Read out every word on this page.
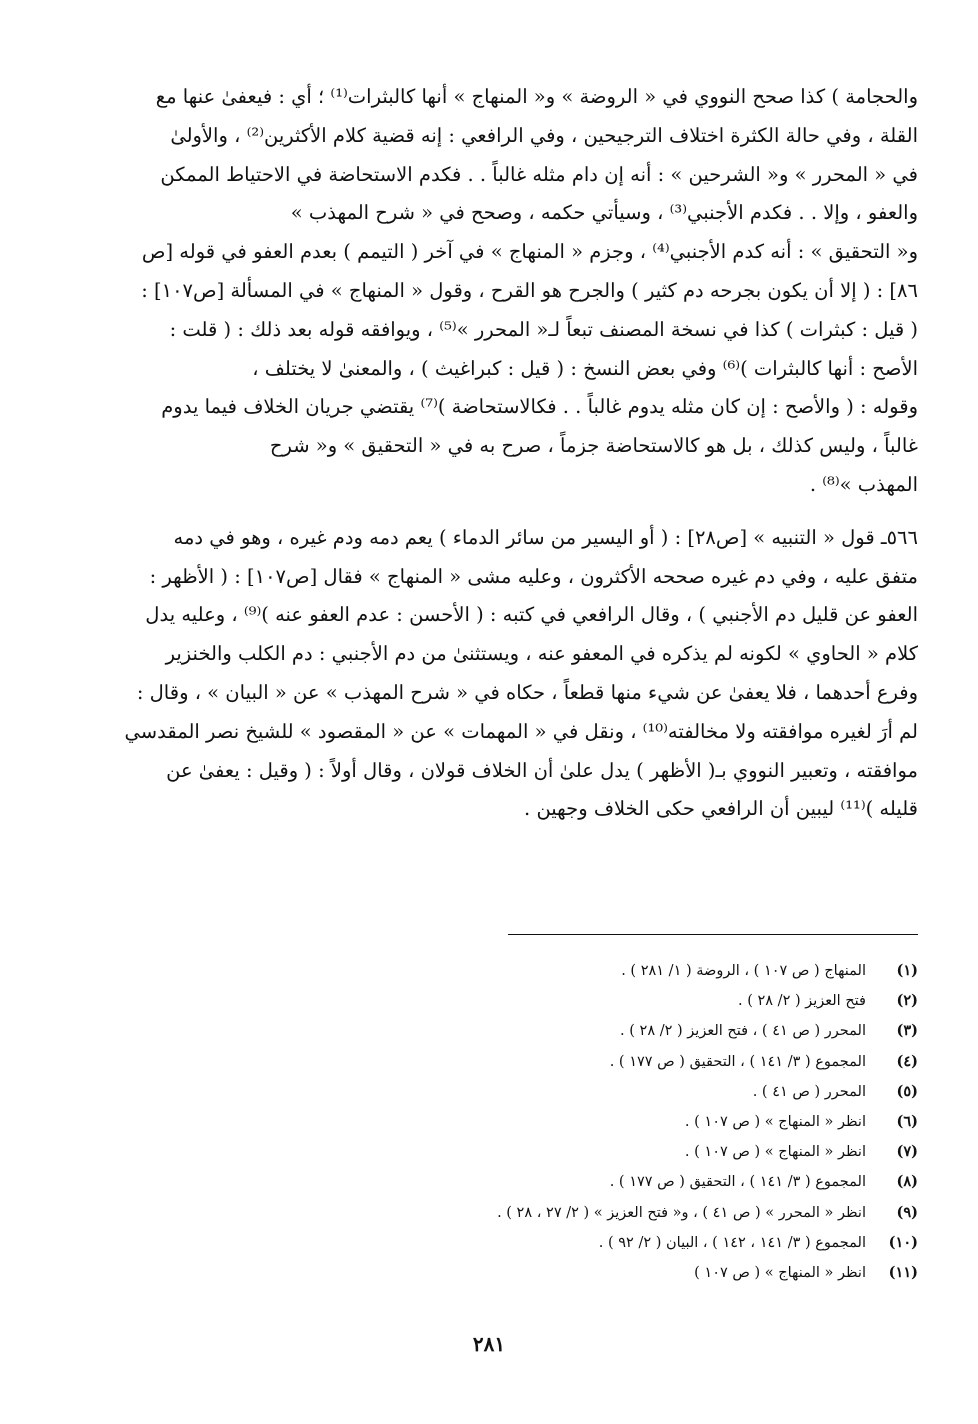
والحجامة ) كذا صحح النووي في « الروضة » و« المنهاج » أنها كالبثرات⁽¹⁾ ؛ أي : فيعفىٰ عنها مع
القلة ، وفي حالة الكثرة اختلاف الترجيحين ، وفي الرافعي : إنه قضية كلام الأكثرين⁽²⁾ ، والأولىٰ
في « المحرر » و« الشرحين » : أنه إن دام مثله غالباً . . فكدم الاستحاضة في الاحتياط الممكن
والعفو ، وإلا . . فكدم الأجنبي⁽³⁾ ، وسيأتي حكمه ، وصحح في « شرح المهذب »
و« التحقيق » : أنه كدم الأجنبي⁽⁴⁾ ، وجزم « المنهاج » في آخر ( التيمم ) بعدم العفو في قوله [ص
٨٦] : ( إلا أن يكون بجرحه دم كثير ) والجرح هو القرح ، وقول « المنهاج » في المسألة [ص١٠٧] :
( قيل : كبثرات ) كذا في نسخة المصنف تبعاً لـ« المحرر »⁽⁵⁾ ، ويوافقه قوله بعد ذلك : ( قلت :
الأصح : أنها كالبثرات )⁽⁶⁾ وفي بعض النسخ : ( قيل : كبراغيث ) ، والمعنىٰ لا يختلف ،
وقوله : ( والأصح : إن كان مثله يدوم غالباً . . فكالاستحاضة )⁽⁷⁾ يقتضي جريان الخلاف فيما يدوم
غالباً ، وليس كذلك ، بل هو كالاستحاضة جزماً ، صرح به في « التحقيق » و« شرح
المهذب »⁽⁸⁾ .

٥٦٦ـ قول « التنبيه » [ص٢٨] : ( أو اليسير من سائر الدماء ) يعم دمه ودم غيره ، وهو في دمه
متفق عليه ، وفي دم غيره صححه الأكثرون ، وعليه مشى « المنهاج » فقال [ص١٠٧] : ( الأظهر :
العفو عن قليل دم الأجنبي ) ، وقال الرافعي في كتبه : ( الأحسن : عدم العفو عنه )⁽⁹⁾ ، وعليه يدل
كلام « الحاوي » لكونه لم يذكره في المعفو عنه ، ويستثنىٰ من دم الأجنبي : دم الكلب والخنزير
وفرع أحدهما ، فلا يعفىٰ عن شيء منها قطعاً ، حكاه في « شرح المهذب » عن « البيان » ، وقال :
لم أرَ لغيره موافقته ولا مخالفته⁽¹⁰⁾ ، ونقل في « المهمات » عن « المقصود » للشيخ نصر المقدسي
موافقته ، وتعبير النووي بـ( الأظهر ) يدل علىٰ أن الخلاف قولان ، وقال أولاً : ( وقيل : يعفىٰ عن
قليله )⁽¹¹⁾ ليبين أن الرافعي حكى الخلاف وجهين .

(١)المنهاج ( ص ١٠٧ ) ، الروضة ( ١/ ٢٨١ ) .
(٢)فتح العزيز ( ٢/ ٢٨ ) .
(٣)المحرر ( ص ٤١ ) ، فتح العزيز ( ٢/ ٢٨ ) .
(٤)المجموع ( ٣/ ١٤١ ) ، التحقيق ( ص ١٧٧ ) .
(٥)المحرر ( ص ٤١ ) .
(٦)انظر « المنهاج » ( ص ١٠٧ ) .
(٧)انظر « المنهاج » ( ص ١٠٧ ) .
(٨)المجموع ( ٣/ ١٤١ ) ، التحقيق ( ص ١٧٧ ) .
(٩)انظر « المحرر » ( ص ٤١ ) ، و« فتح العزيز » ( ٢/ ٢٧ ، ٢٨ ) .
(١٠)المجموع ( ٣/ ١٤١ ، ١٤٢ ) ، البيان ( ٢/ ٩٢ ) .
(١١)انظر « المنهاج » ( ص ١٠٧ )
٢٨١
